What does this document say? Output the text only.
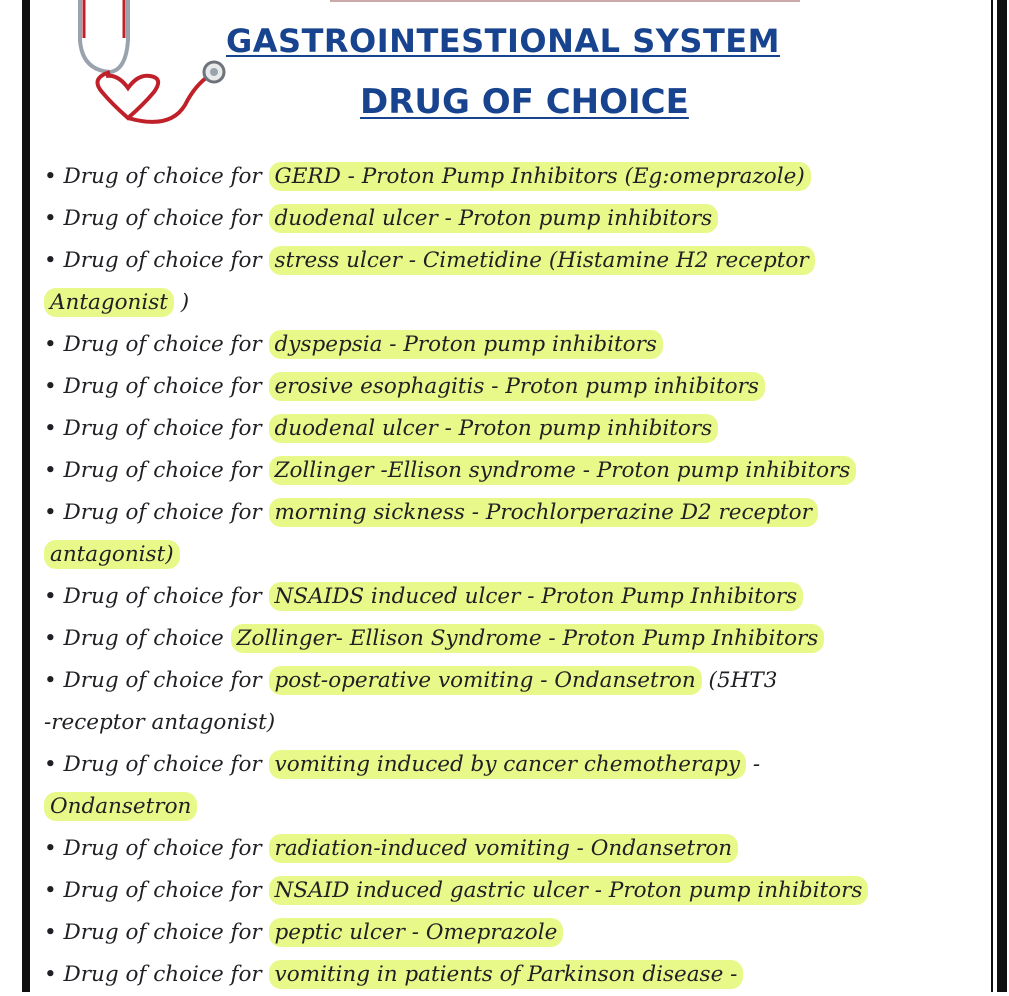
GASTROINTESTIONAL SYSTEM
DRUG OF CHOICE
• Drug of choice for GERD - Proton Pump Inhibitors (Eg:omeprazole)
• Drug of choice for duodenal ulcer - Proton pump inhibitors
• Drug of choice for stress ulcer - Cimetidine (Histamine H2 receptor
Antagonist )
• Drug of choice for dyspepsia - Proton pump inhibitors
• Drug of choice for erosive esophagitis - Proton pump inhibitors
• Drug of choice for duodenal ulcer - Proton pump inhibitors
• Drug of choice for Zollinger -Ellison syndrome - Proton pump inhibitors
• Drug of choice for morning sickness - Prochlorperazine D2 receptor
antagonist)
• Drug of choice for NSAIDS induced ulcer - Proton Pump Inhibitors
• Drug of choice Zollinger- Ellison Syndrome - Proton Pump Inhibitors
• Drug of choice for post-operative vomiting - Ondansetron (5HT3
-receptor antagonist)
• Drug of choice for vomiting induced by cancer chemotherapy -
Ondansetron
• Drug of choice for radiation-induced vomiting - Ondansetron
• Drug of choice for NSAID induced gastric ulcer - Proton pump inhibitors
• Drug of choice for peptic ulcer - Omeprazole
• Drug of choice for vomiting in patients of Parkinson disease -
